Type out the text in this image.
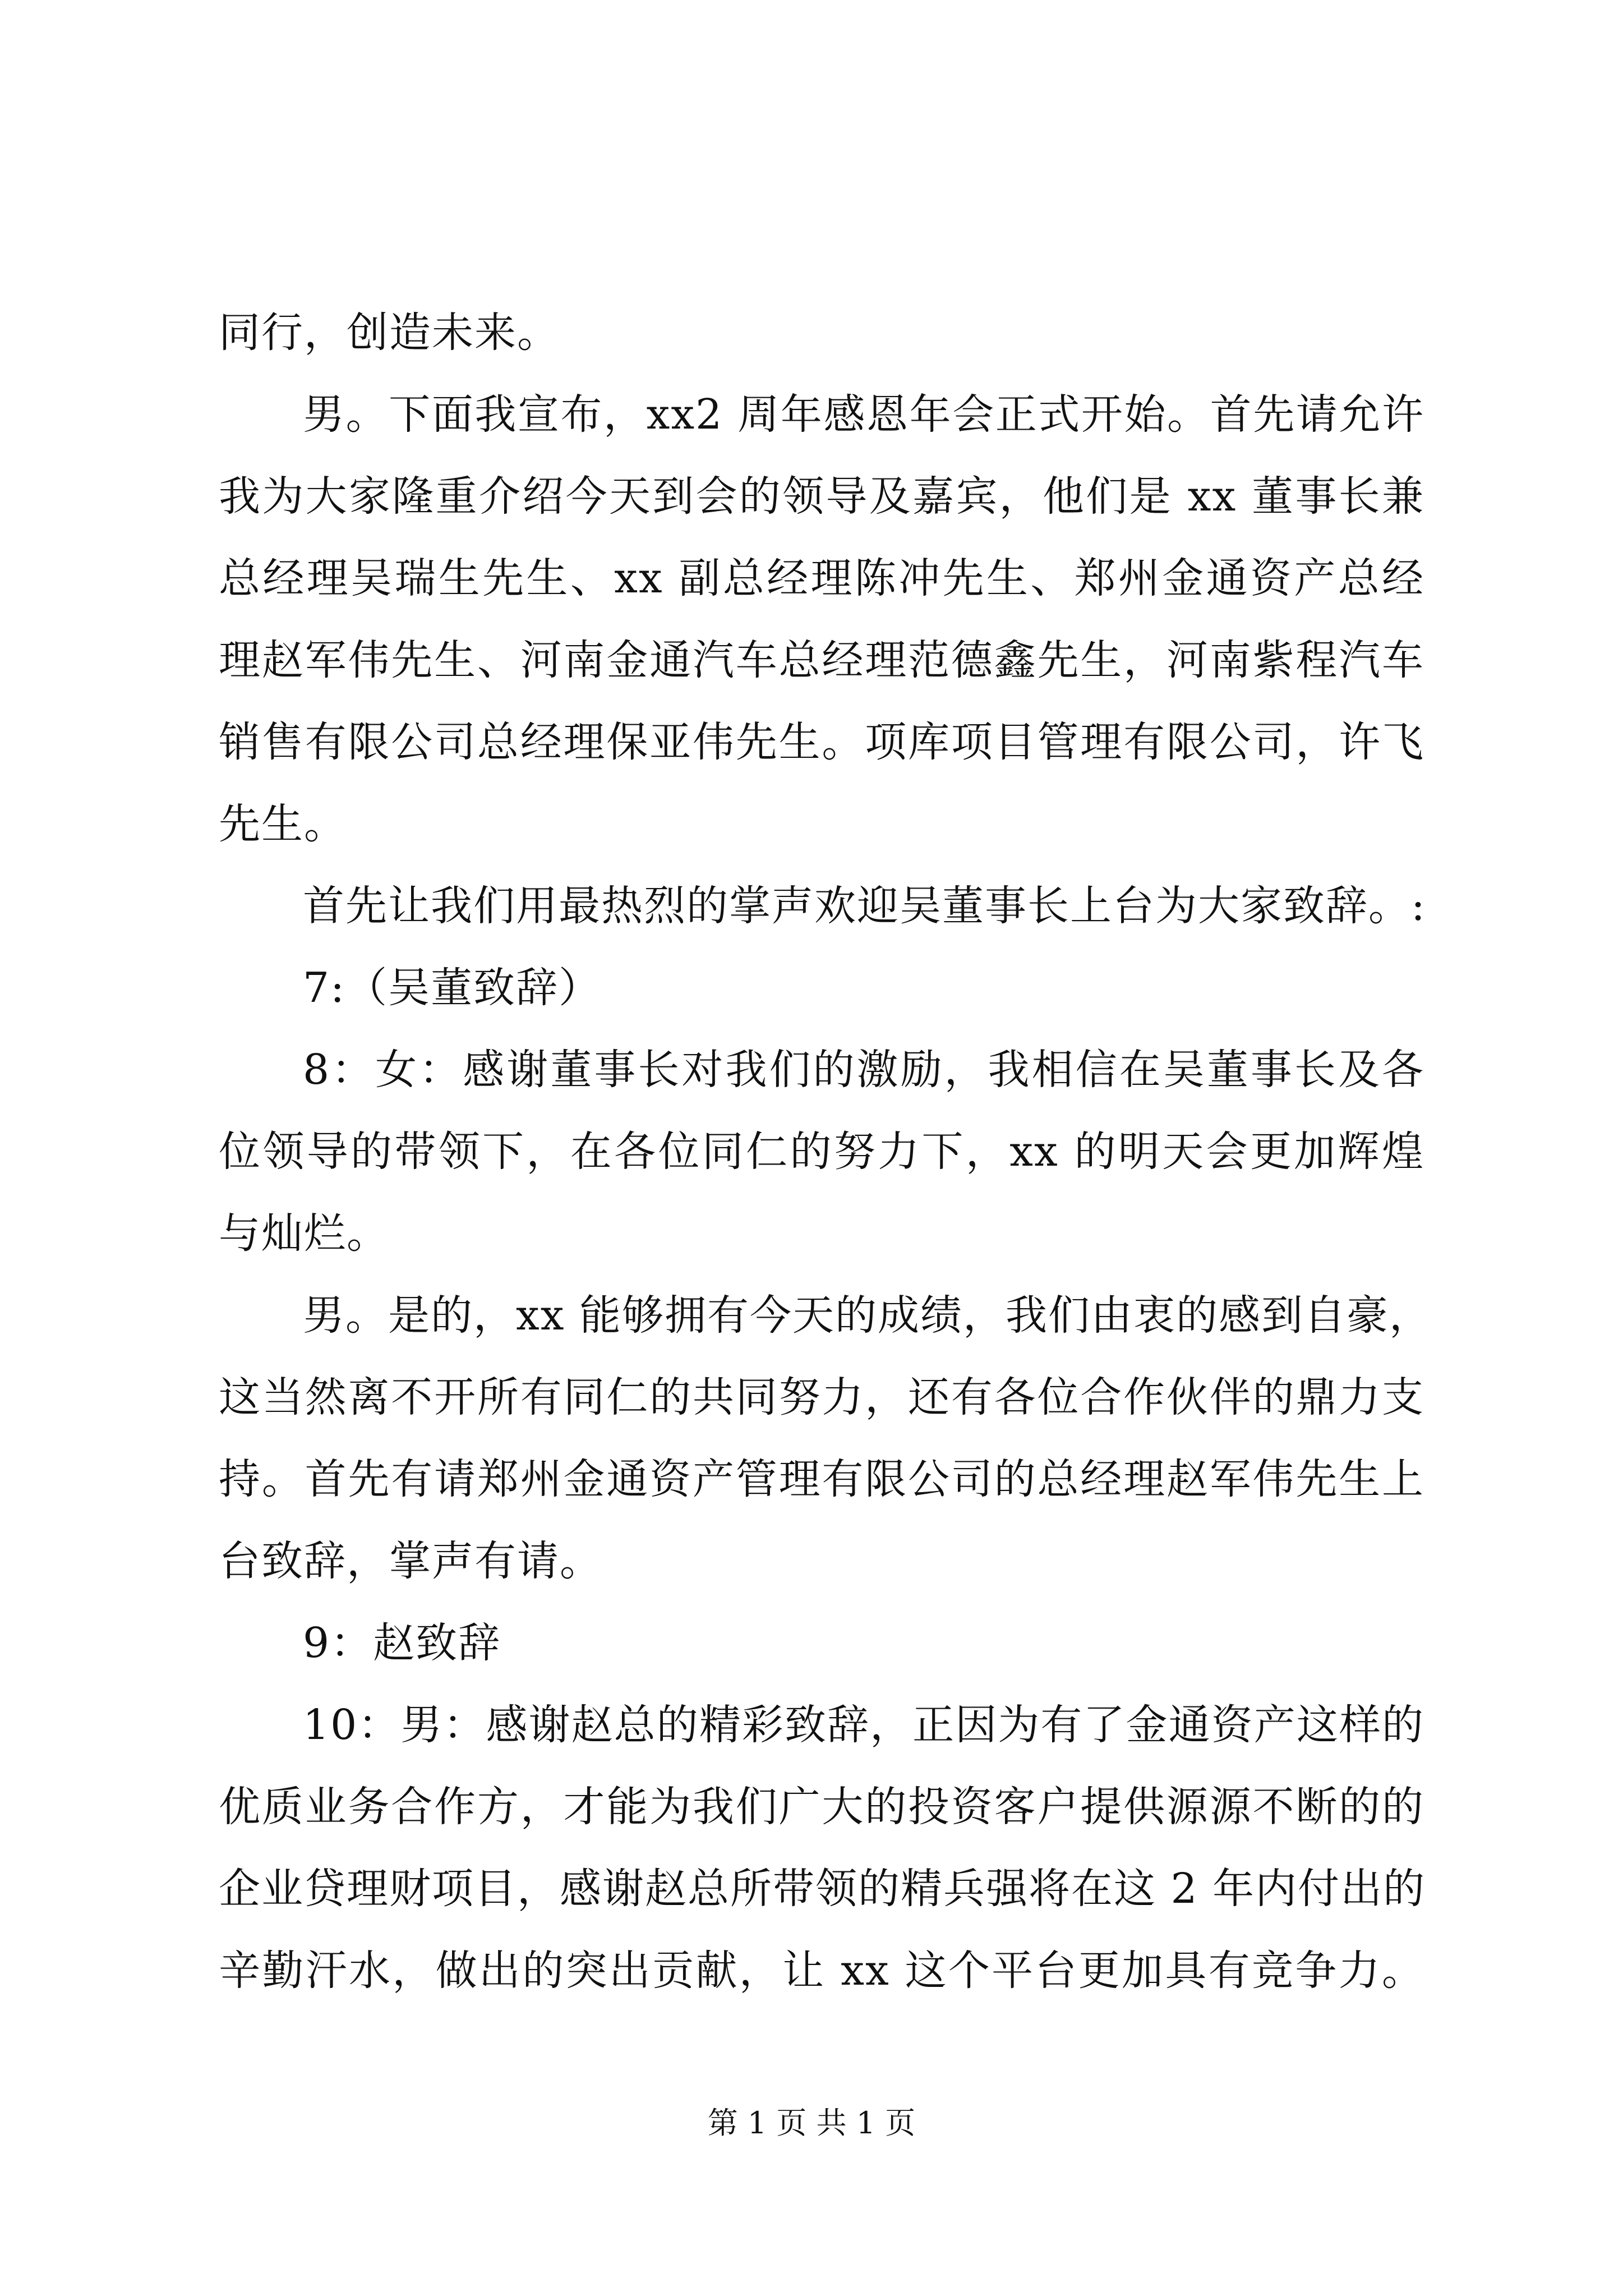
同行，创造未来。
男。下面我宣布，xx2 周年感恩年会正式开始。首先请允许
我为大家隆重介绍今天到会的领导及嘉宾，他们是 xx 董事长兼
总经理吴瑞生先生、xx 副总经理陈冲先生、郑州金通资产总经
理赵军伟先生、河南金通汽车总经理范德鑫先生，河南紫程汽车
销售有限公司总经理保亚伟先生。项库项目管理有限公司，许飞
先生。
首先让我们用最热烈的掌声欢迎吴董事长上台为大家致辞。:
7:（吴董致辞）
8：女：感谢董事长对我们的激励，我相信在吴董事长及各
位领导的带领下，在各位同仁的努力下，xx 的明天会更加辉煌
与灿烂。
男。是的，xx 能够拥有今天的成绩，我们由衷的感到自豪，
这当然离不开所有同仁的共同努力，还有各位合作伙伴的鼎力支
持。首先有请郑州金通资产管理有限公司的总经理赵军伟先生上
台致辞，掌声有请。
9：赵致辞
10：男：感谢赵总的精彩致辞，正因为有了金通资产这样的
优质业务合作方，才能为我们广大的投资客户提供源源不断的的
企业贷理财项目，感谢赵总所带领的精兵强将在这 2 年内付出的
辛勤汗水，做出的突出贡献，让 xx 这个平台更加具有竞争力。
第 1 页 共 1 页
